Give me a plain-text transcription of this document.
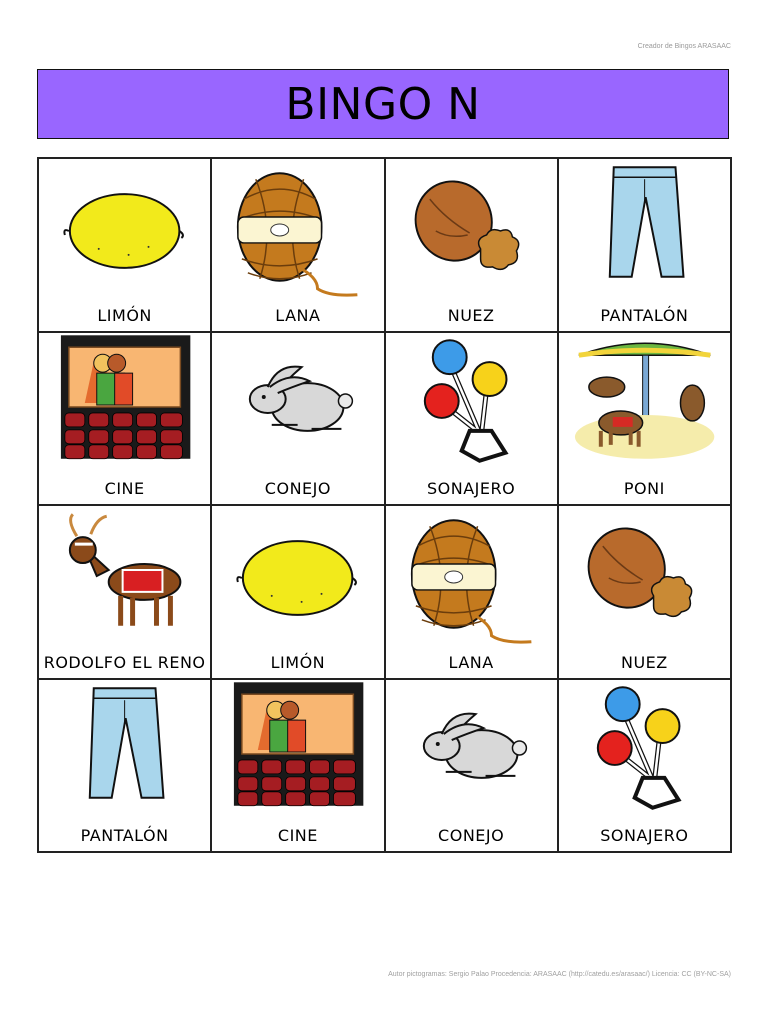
Creador de Bingos ARASAAC
BINGO N
LIMÓN	LANA	NUEZ	PANTALÓN
CINE	CONEJO	SONAJERO	PONI
RODOLFO EL RENO	LIMÓN	LANA	NUEZ
PANTALÓN	CINE	CONEJO	SONAJERO
Autor pictogramas: Sergio Palao Procedencia: ARASAAC (http://catedu.es/arasaac/) Licencia: CC (BY-NC-SA)
